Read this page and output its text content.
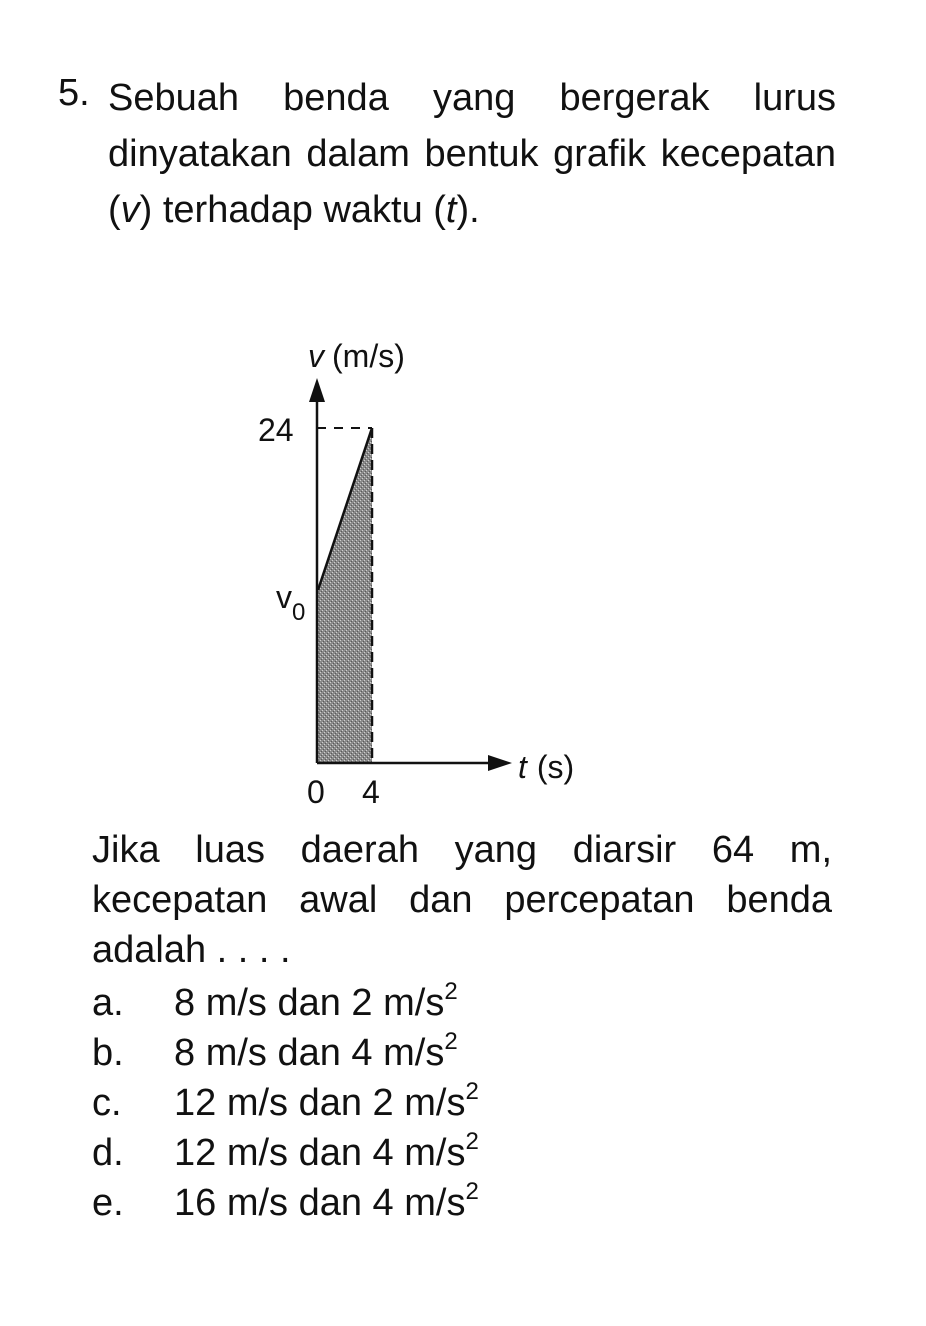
5. Sebuah benda yang bergerak lurus dinyatakan dalam bentuk grafik kecepatan (v) terhadap waktu (t).
v (m/s)
24
$v_0$
0 4
t (s)
Jika luas daerah yang diarsir 64 m, kecepatan awal dan percepatan benda adalah . . . .
a.	8 m/s dan 2 $m/s^2$
b.	8 m/s dan 4 $m/s^2$
c.	12 m/s dan 2 $m/s^2$
d.	12 m/s dan 4 $m/s^2$
e.	16 m/s dan 4 $m/s^2$
